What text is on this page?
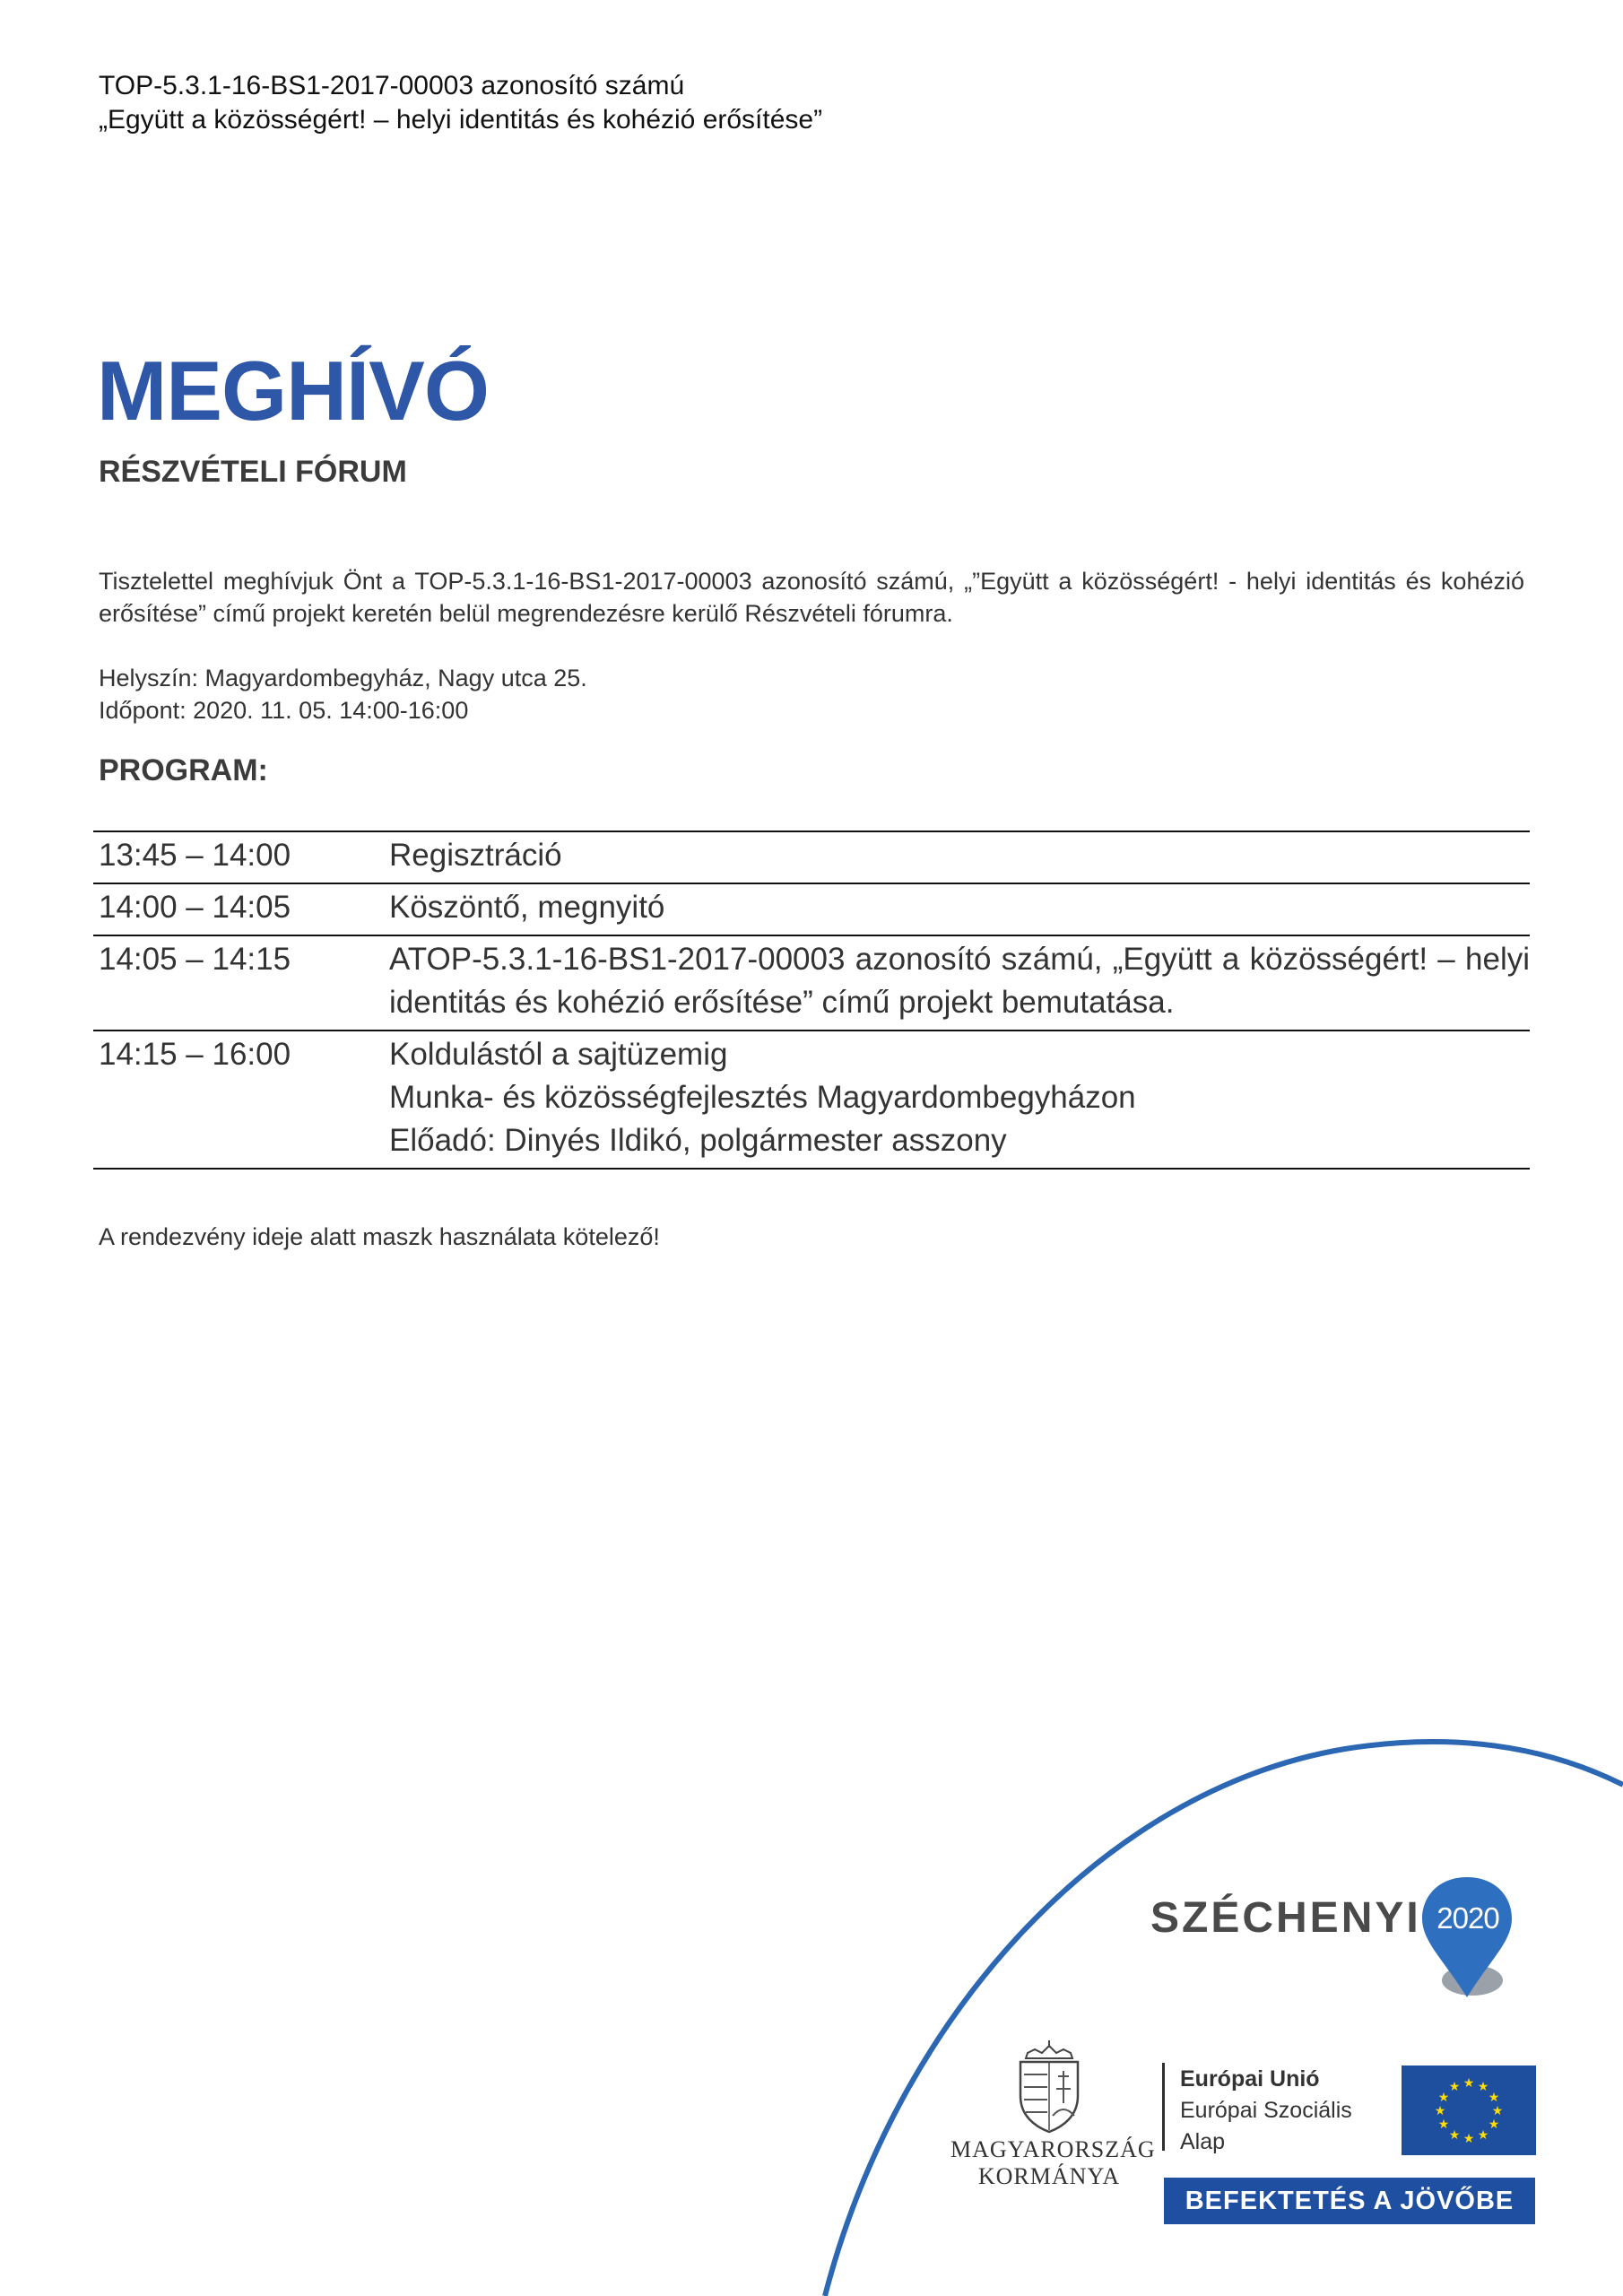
TOP-5.3.1-16-BS1-2017-00003 azonosító számú
„Együtt a közösségért! – helyi identitás és kohézió erősítése”
MEGHÍVÓ
RÉSZVÉTELI FÓRUM
Tisztelettel meghívjuk Önt a TOP-5.3.1-16-BS1-2017-00003 azonosító számú, „”Együtt a közösségért! - helyi identitás és kohézió erősítése” című projekt keretén belül megrendezésre kerülő Részvételi fórumra.
Helyszín: Magyardombegyház, Nagy utca 25.
Időpont: 2020. 11. 05. 14:00-16:00
PROGRAM:
13:45 – 14:00	Regisztráció

14:00 – 14:05	Köszöntő, megnyitó

14:05 – 14:15	ATOP-5.3.1-16-BS1-2017-00003 azonosító számú, „Együtt a közösségért! – helyi identitás és kohézió erősítése” című projekt bemutatása.

14:15 – 16:00	Koldulástól a sajtüzemig
Munka- és közösségfejlesztés Magyardombegyházon
Előadó: Dinyés Ildikó, polgármester asszony
A rendezvény ideje alatt maszk használata kötelező!
SZÉCHENYI 2020
MAGYARORSZÁG
KORMÁNYA
Európai Unió
Európai Szociális
Alap
★ ★
★
★
★
★
★
★
★
★
★
★
BEFEKTETÉS A JÖVŐBE
